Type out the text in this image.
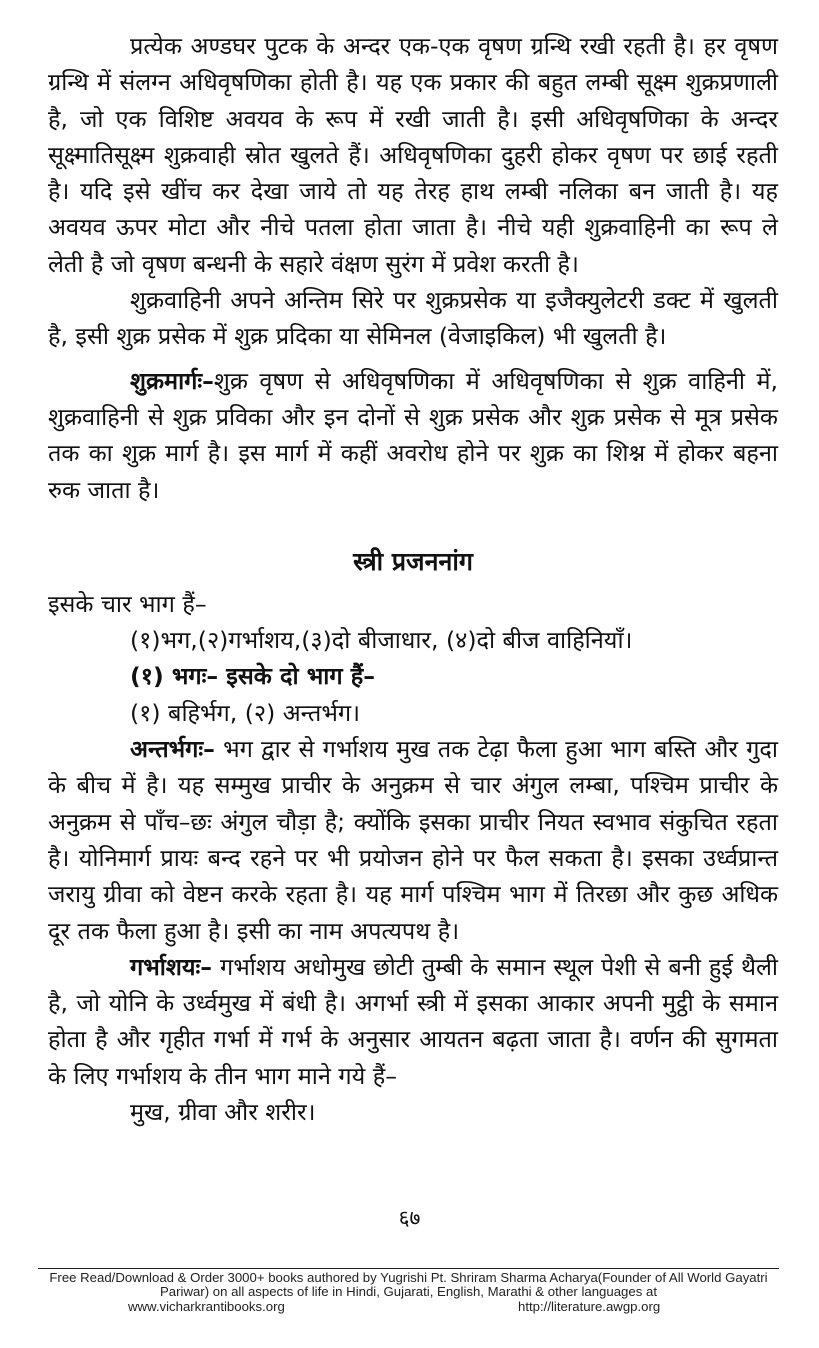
प्रत्येक अण्डघर पुटक के अन्दर एक-एक वृषण ग्रन्थि रखी रहती है। हर वृषण ग्रन्थि में संलग्न अधिवृषणिका होती है। यह एक प्रकार की बहुत लम्बी सूक्ष्म शुक्रप्रणाली है, जो एक विशिष्ट अवयव के रूप में रखी जाती है। इसी अधिवृषणिका के अन्दर सूक्ष्मातिसूक्ष्म शुक्रवाही स्रोत खुलते हैं। अधिवृषणिका दुहरी होकर वृषण पर छाई रहती है। यदि इसे खींच कर देखा जाये तो यह तेरह हाथ लम्बी नलिका बन जाती है। यह अवयव ऊपर मोटा और नीचे पतला होता जाता है। नीचे यही शुक्रवाहिनी का रूप ले लेती है जो वृषण बन्धनी के सहारे वंक्षण सुरंग में प्रवेश करती है।

शुक्रवाहिनी अपने अन्तिम सिरे पर शुक्रप्रसेक या इजैक्युलेटरी डक्ट में खुलती है, इसी शुक्र प्रसेक में शुक्र प्रदिका या सेमिनल (वेजाइकिल) भी खुलती है।

शुक्रमार्गः–शुक्र वृषण से अधिवृषणिका में अधिवृषणिका से शुक्र वाहिनी में, शुक्रवाहिनी से शुक्र प्रविका और इन दोनों से शुक्र प्रसेक और शुक्र प्रसेक से मूत्र प्रसेक तक का शुक्र मार्ग है। इस मार्ग में कहीं अवरोध होने पर शुक्र का शिश्न में होकर बहना रुक जाता है।

स्त्री प्रजननांग
इसके चार भाग हैं–
(१)भग,(२)गर्भाशय,(३)दो बीजाधार, (४)दो बीज वाहिनियाँ।
(१) भगः– इसके दो भाग हैं–
(१) बहिर्भग, (२) अन्तर्भग।

अन्तर्भगः– भग द्वार से गर्भाशय मुख तक टेढ़ा फैला हुआ भाग बस्ति और गुदा के बीच में है। यह सम्मुख प्राचीर के अनुक्रम से चार अंगुल लम्बा, पश्चिम प्राचीर के अनुक्रम से पाँच–छः अंगुल चौड़ा है; क्योंकि इसका प्राचीर नियत स्वभाव संकुचित रहता है। योनिमार्ग प्रायः बन्द रहने पर भी प्रयोजन होने पर फैल सकता है। इसका उर्ध्वप्रान्त जरायु ग्रीवा को वेष्टन करके रहता है। यह मार्ग पश्चिम भाग में तिरछा और कुछ अधिक दूर तक फैला हुआ है। इसी का नाम अपत्यपथ है।

गर्भाशयः– गर्भाशय अधोमुख छोटी तुम्बी के समान स्थूल पेशी से बनी हुई थैली है, जो योनि के उर्ध्वमुख में बंधी है। अगर्भा स्त्री में इसका आकार अपनी मुट्ठी के समान होता है और गृहीत गर्भा में गर्भ के अनुसार आयतन बढ़ता जाता है। वर्णन की सुगमता के लिए गर्भाशय के तीन भाग माने गये हैं–

मुख, ग्रीवा और शरीर।

६७
Free Read/Download & Order 3000+ books authored by Yugrishi Pt. Shriram Sharma Acharya(Founder of All World Gayatri Pariwar) on all aspects of life in Hindi, Gujarati, English, Marathi & other languages at
www.vicharkrantibooks.org	http://literature.awgp.org
